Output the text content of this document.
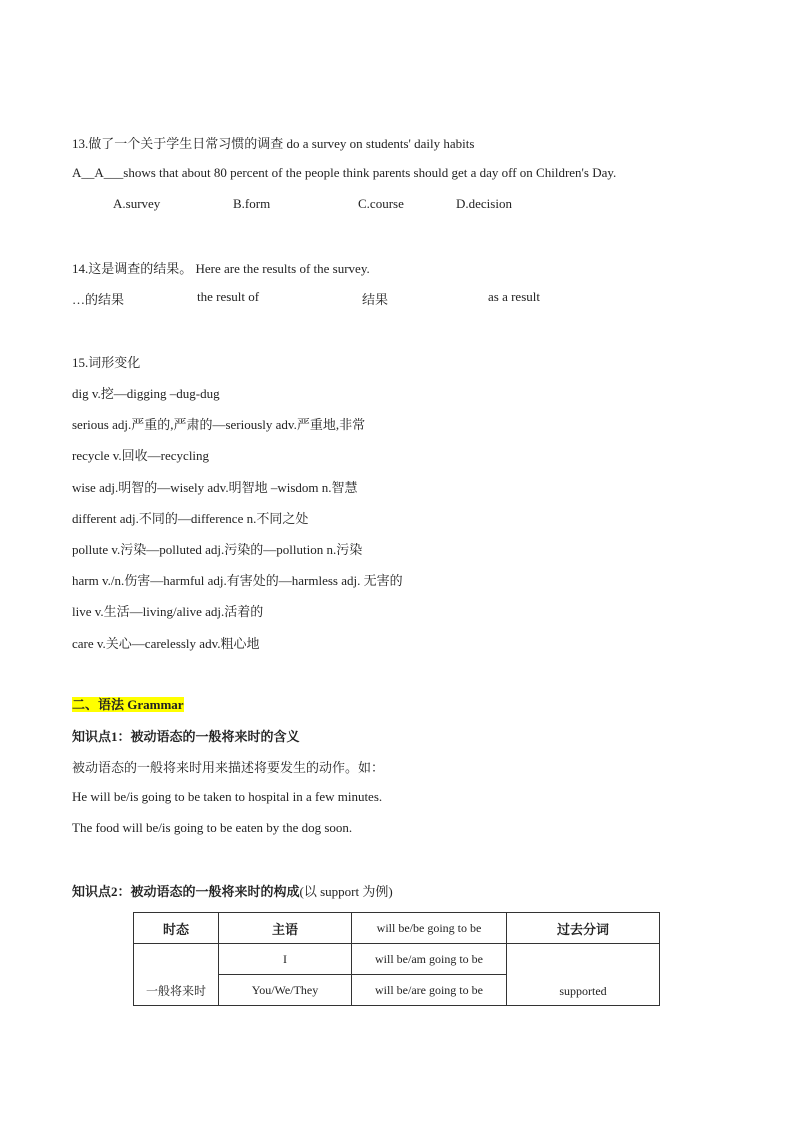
13.做了一个关于学生日常习惯的调查 do a survey on students' daily habits
A__A___shows that about 80 percent of the people think parents should get a day off on Children's Day.
A.survey	B.form	C.course	D.decision
14.这是调查的结果。 Here are the results of the survey.
…的结果	the result of	结果	as a result
15.词形变化
dig v.挖—digging –dug-dug
serious adj.严重的,严肃的—seriously adv.严重地,非常
recycle v.回收—recycling
wise adj.明智的—wisely adv.明智地 –wisdom n.智慧
different adj.不同的—difference n.不同之处
pollute v.污染—polluted adj.污染的—pollution n.污染
harm v./n.伤害—harmful adj.有害处的—harmless adj. 无害的
live v.生活—living/alive adj.活着的
care v.关心—carelessly adv.粗心地
二、语法 Grammar
知识点1：被动语态的一般将来时的含义
被动语态的一般将来时用来描述将要发生的动作。如：
He will be/is going to be taken to hospital in a few minutes.
The food will be/is going to be eaten by the dog soon.
知识点2：被动语态的一般将来时的构成(以 support 为例)
时态	主语	will be/be going to be	过去分词
一般将来时	I	will be/am going to be	supported
	You/We/They	will be/are going to be	
